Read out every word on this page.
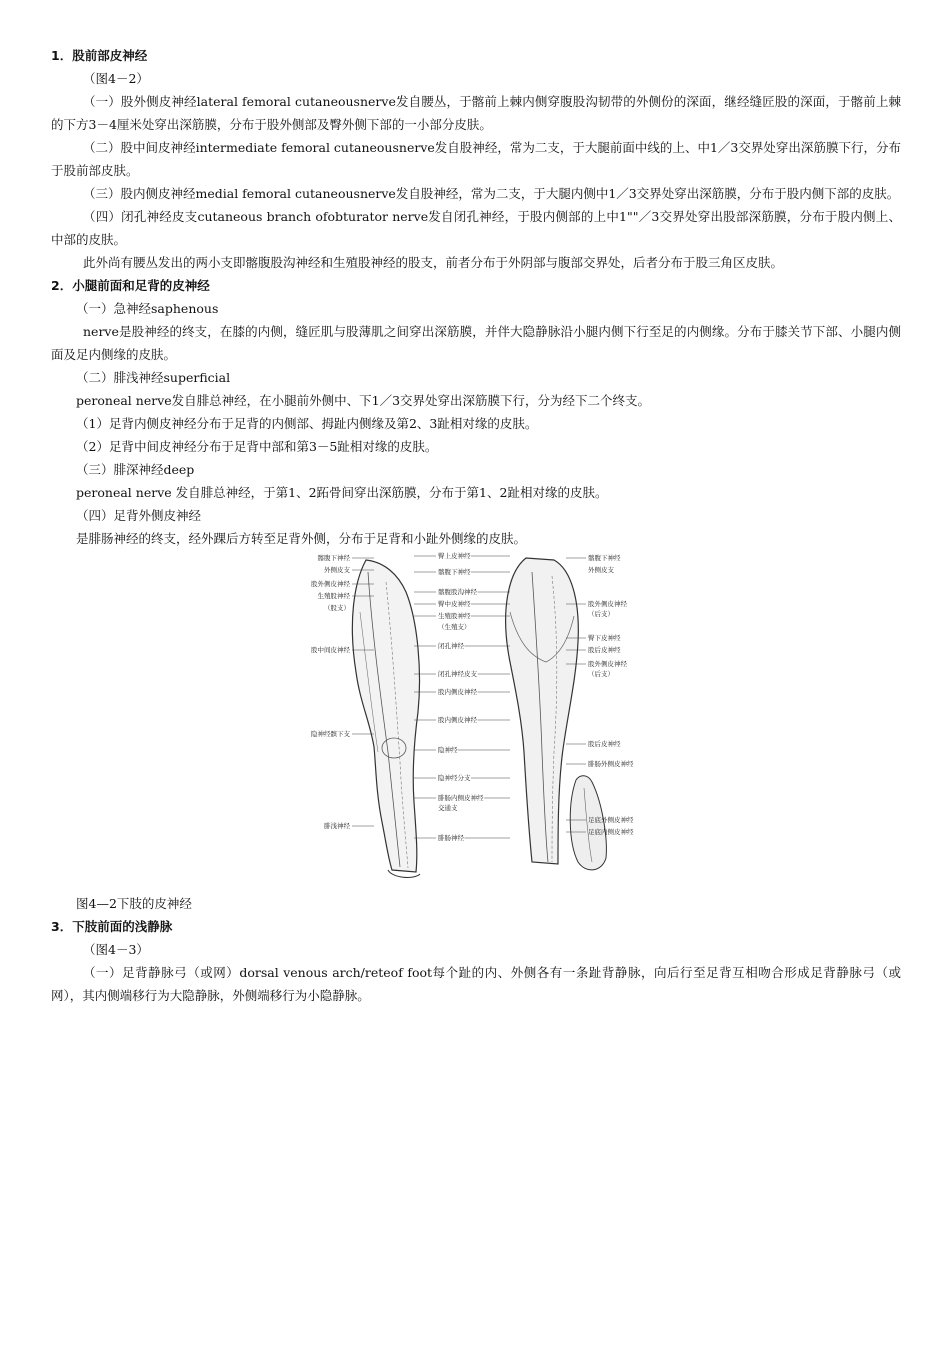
1．股前部皮神经

（图4－2）

（一）股外侧皮神经lateral femoral cutaneousnerve发自腰丛，于髂前上棘内侧穿腹股沟韧带的外侧份的深面，继经缝匠股的深面，于髂前上棘的下方3－4厘米处穿出深筋膜，分布于股外侧部及臀外侧下部的一小部分皮肤。

（二）股中间皮神经intermediate femoral cutaneousnerve发自股神经，常为二支，于大腿前面中线的上、中1／3交界处穿出深筋膜下行，分布于股前部皮肤。

（三）股内侧皮神经medial femoral cutaneousnerve发自股神经，常为二支，于大腿内侧中1／3交界处穿出深筋膜，分布于股内侧下部的皮肤。

（四）闭孔神经皮支cutaneous branch ofobturator nerve发自闭孔神经，于股内侧部的上中1""／3交界处穿出股部深筋膜，分布于股内侧上、中部的皮肤。

此外尚有腰丛发出的两小支即髂腹股沟神经和生殖股神经的股支，前者分布于外阴部与腹部交界处，后者分布于股三角区皮肤。

2．小腿前面和足背的皮神经

（一）急神经saphenous

nerve是股神经的终支，在膝的内侧，缝匠肌与股薄肌之间穿出深筋膜，并伴大隐静脉沿小腿内侧下行至足的内侧缘。分布于膝关节下部、小腿内侧面及足内侧缘的皮肤。

（二）腓浅神经superficial

peroneal nerve发自腓总神经，在小腿前外侧中、下1／3交界处穿出深筋膜下行，分为经下二个终支。

（1）足背内侧皮神经分布于足背的内侧部、拇趾内侧缘及第2、3趾相对缘的皮肤。

（2）足背中间皮神经分布于足背中部和第3－5趾相对缘的皮肤。

（三）腓深神经deep

peroneal nerve 发自腓总神经，于第1、2跖骨间穿出深筋膜，分布于第1、2趾相对缘的皮肤。

（四）足背外侧皮神经

是腓肠神经的终支，经外踝后方转至足背外侧，分布于足背和小趾外侧缘的皮肤。

髂腹下神经
外侧皮支
股外侧皮神经
生殖股神经
（股支）
股中间皮神经
隐神经髌下支
腓浅神经
臀上皮神经
髂腹下神经
髂腹股沟神经
臀中皮神经
生殖股神经
（生殖支）
闭孔神经
闭孔神经皮支
股内侧皮神经
股内侧皮神经
隐神经
隐神经分支
腓肠内侧皮神经
交通支
腓肠神经
髂腹下神经
外侧皮支
股外侧皮神经
（后支）
臀下皮神经
股后皮神经
股外侧皮神经
（后支）
股后皮神经
腓肠外侧皮神经
足底外侧皮神经
足底内侧皮神经

图4—2下肢的皮神经

3．下肢前面的浅静脉

（图4－3）

（一）足背静脉弓（或网）dorsal venous arch/reteof foot每个趾的内、外侧各有一条趾背静脉，向后行至足背互相吻合形成足背静脉弓（或网），其内侧端移行为大隐静脉，外侧端移行为小隐静脉。
